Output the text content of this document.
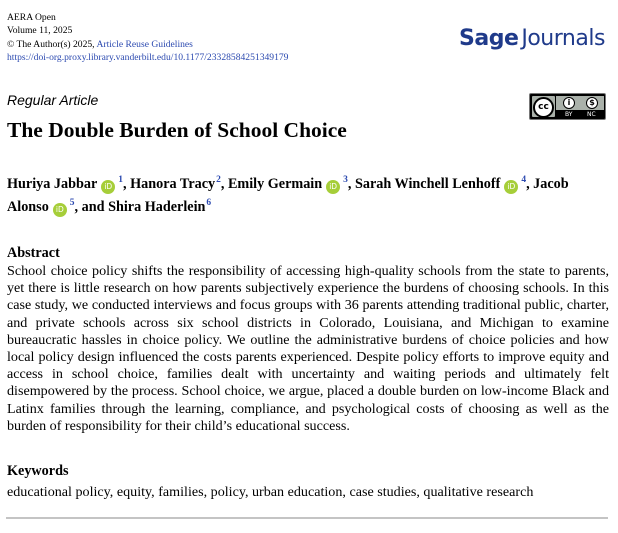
AERA Open
Volume 11, 2025
© The Author(s) 2025, Article Reuse Guidelines
https://doi-org.proxy.library.vanderbilt.edu/10.1177/23328584251349179
Sage Journals
Regular Article	cc	i	$
BY NC
The Double Burden of School Choice
Huriya Jabbar $iD^1$, Hanora Tracy$^2$, Emily Germain $iD^3$, Sarah Winchell Lenhoff $iD^4$, Jacob Alonso $iD^5$, and Shira Haderlein$^6$
Abstract
School choice policy shifts the responsibility of accessing high-quality schools from the state to parents, yet there is little research on how parents subjectively experience the burdens of choosing schools. In this case study, we conducted interviews and focus groups with 36 parents attending traditional public, charter, and private schools across six school districts in Colorado, Louisiana, and Michigan to examine bureaucratic hassles in choice policy. We outline the administrative burdens of choice policies and how local policy design influenced the costs parents experienced. Despite policy efforts to improve equity and access in school choice, families dealt with uncertainty and waiting periods and ultimately felt disempowered by the process. School choice, we argue, placed a double burden on low-income Black and Latinx families through the learning, compliance, and psychological costs of choosing as well as the burden of responsibility for their child’s educational success.
Keywords
educational policy, equity, families, policy, urban education, case studies, qualitative research
